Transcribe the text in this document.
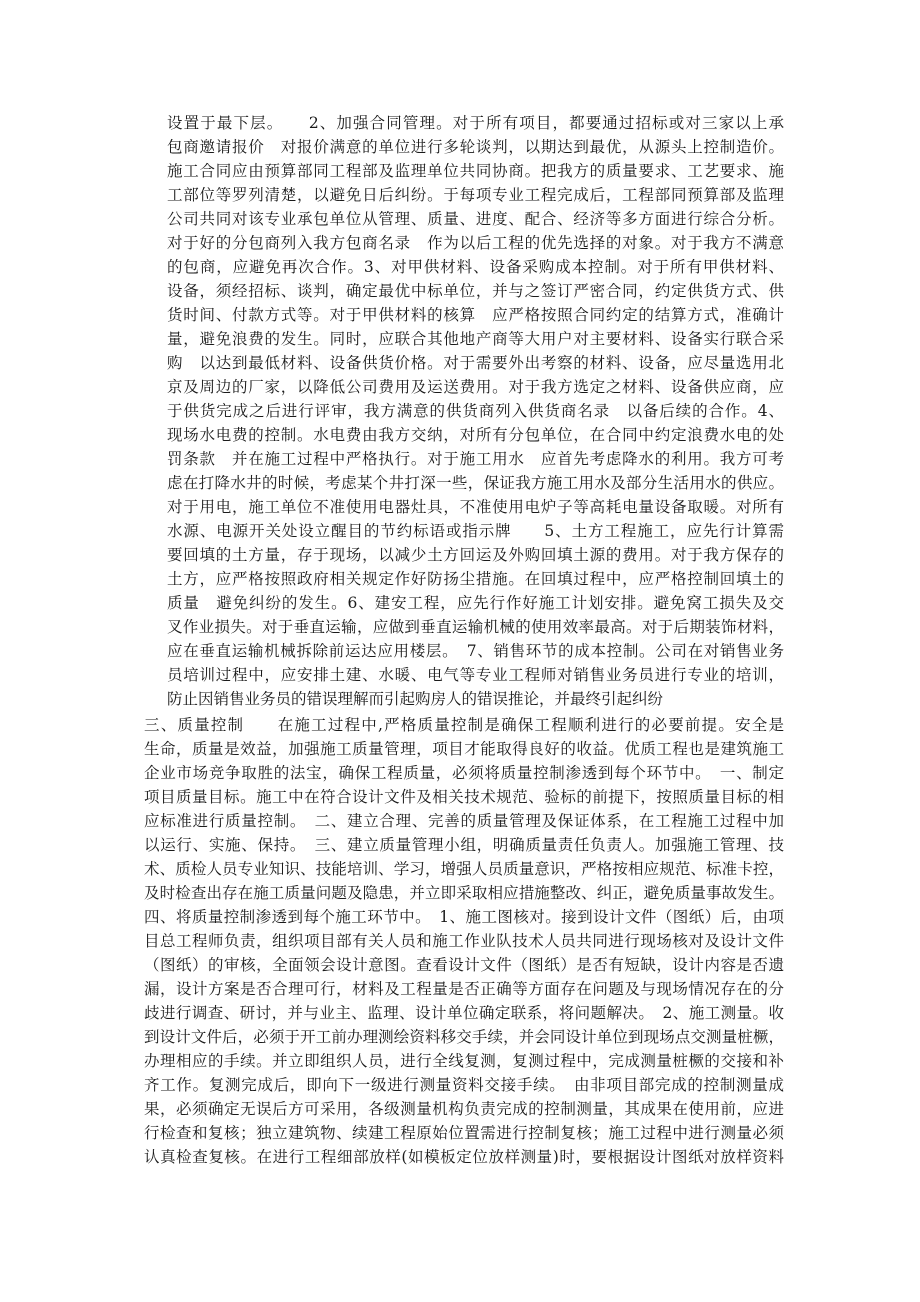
设置于最下层。　　2、加强合同管理。对于所有项目，都要通过招标或对三家以上承
包商邀请报价　对报价满意的单位进行多轮谈判，以期达到最优，从源头上控制造价。
施工合同应由预算部同工程部及监理单位共同协商。把我方的质量要求、工艺要求、施
工部位等罗列清楚，以避免日后纠纷。于每项专业工程完成后，工程部同预算部及监理
公司共同对该专业承包单位从管理、质量、进度、配合、经济等多方面进行综合分析。
对于好的分包商列入我方包商名录　作为以后工程的优先选择的对象。对于我方不满意
的包商，应避免再次合作。3、对甲供材料、设备采购成本控制。对于所有甲供材料、
设备，须经招标、谈判，确定最优中标单位，并与之签订严密合同，约定供货方式、供
货时间、付款方式等。对于甲供材料的核算　应严格按照合同约定的结算方式，准确计
量，避免浪费的发生。同时，应联合其他地产商等大用户对主要材料、设备实行联合采
购　以达到最低材料、设备供货价格。对于需要外出考察的材料、设备，应尽量选用北
京及周边的厂家，以降低公司费用及运送费用。对于我方选定之材料、设备供应商，应
于供货完成之后进行评审，我方满意的供货商列入供货商名录　以备后续的合作。4、
现场水电费的控制。水电费由我方交纳，对所有分包单位，在合同中约定浪费水电的处
罚条款　并在施工过程中严格执行。对于施工用水　应首先考虑降水的利用。我方可考
虑在打降水井的时候，考虑某个井打深一些，保证我方施工用水及部分生活用水的供应。
对于用电，施工单位不准使用电器灶具，不准使用电炉子等高耗电量设备取暖。对所有
水源、电源开关处设立醒目的节约标语或指示牌　　5、土方工程施工，应先行计算需
要回填的土方量，存于现场，以减少土方回运及外购回填土源的费用。对于我方保存的
土方，应严格按照政府相关规定作好防扬尘措施。在回填过程中，应严格控制回填土的
质量　避免纠纷的发生。6、建安工程，应先行作好施工计划安排。避免窝工损失及交
叉作业损失。对于垂直运输，应做到垂直运输机械的使用效率最高。对于后期装饰材料，
应在垂直运输机械拆除前运达应用楼层。　7、销售环节的成本控制。公司在对销售业务
员培训过程中，应安排土建、水暖、电气等专业工程师对销售业务员进行专业的培训，
防止因销售业务员的错误理解而引起购房人的错误推论，并最终引起纠纷
三、质量控制　　在施工过程中,严格质量控制是确保工程顺利进行的必要前提。安全是
生命，质量是效益，加强施工质量管理，项目才能取得良好的收益。优质工程也是建筑施工
企业市场竞争取胜的法宝，确保工程质量，必须将质量控制渗透到每个环节中。　一、制定
项目质量目标。施工中在符合设计文件及相关技术规范、验标的前提下，按照质量目标的相
应标准进行质量控制。　二、建立合理、完善的质量管理及保证体系，在工程施工过程中加
以运行、实施、保持。　三、建立质量管理小组，明确质量责任负责人。加强施工管理、技
术、质检人员专业知识、技能培训、学习，增强人员质量意识，严格按相应规范、标准卡控，
及时检查出存在施工质量问题及隐患，并立即采取相应措施整改、纠正，避免质量事故发生。
四、将质量控制渗透到每个施工环节中。　1、施工图核对。接到设计文件（图纸）后，由项
目总工程师负责，组织项目部有关人员和施工作业队技术人员共同进行现场核对及设计文件
（图纸）的审核，全面领会设计意图。查看设计文件（图纸）是否有短缺，设计内容是否遗
漏，设计方案是否合理可行，材料及工程量是否正确等方面存在问题及与现场情况存在的分
歧进行调查、研讨，并与业主、监理、设计单位确定联系，将问题解决。　2、施工测量。收
到设计文件后，必须于开工前办理测绘资料移交手续，并会同设计单位到现场点交测量桩橛，
办理相应的手续。并立即组织人员，进行全线复测，复测过程中，完成测量桩橛的交接和补
齐工作。复测完成后，即向下一级进行测量资料交接手续。　由非项目部完成的控制测量成
果，必须确定无误后方可采用，各级测量机构负责完成的控制测量，其成果在使用前，应进
行检查和复核；独立建筑物、续建工程原始位置需进行控制复核；施工过程中进行测量必须
认真检查复核。在进行工程细部放样(如模板定位放样测量)时，要根据设计图纸对放样资料
